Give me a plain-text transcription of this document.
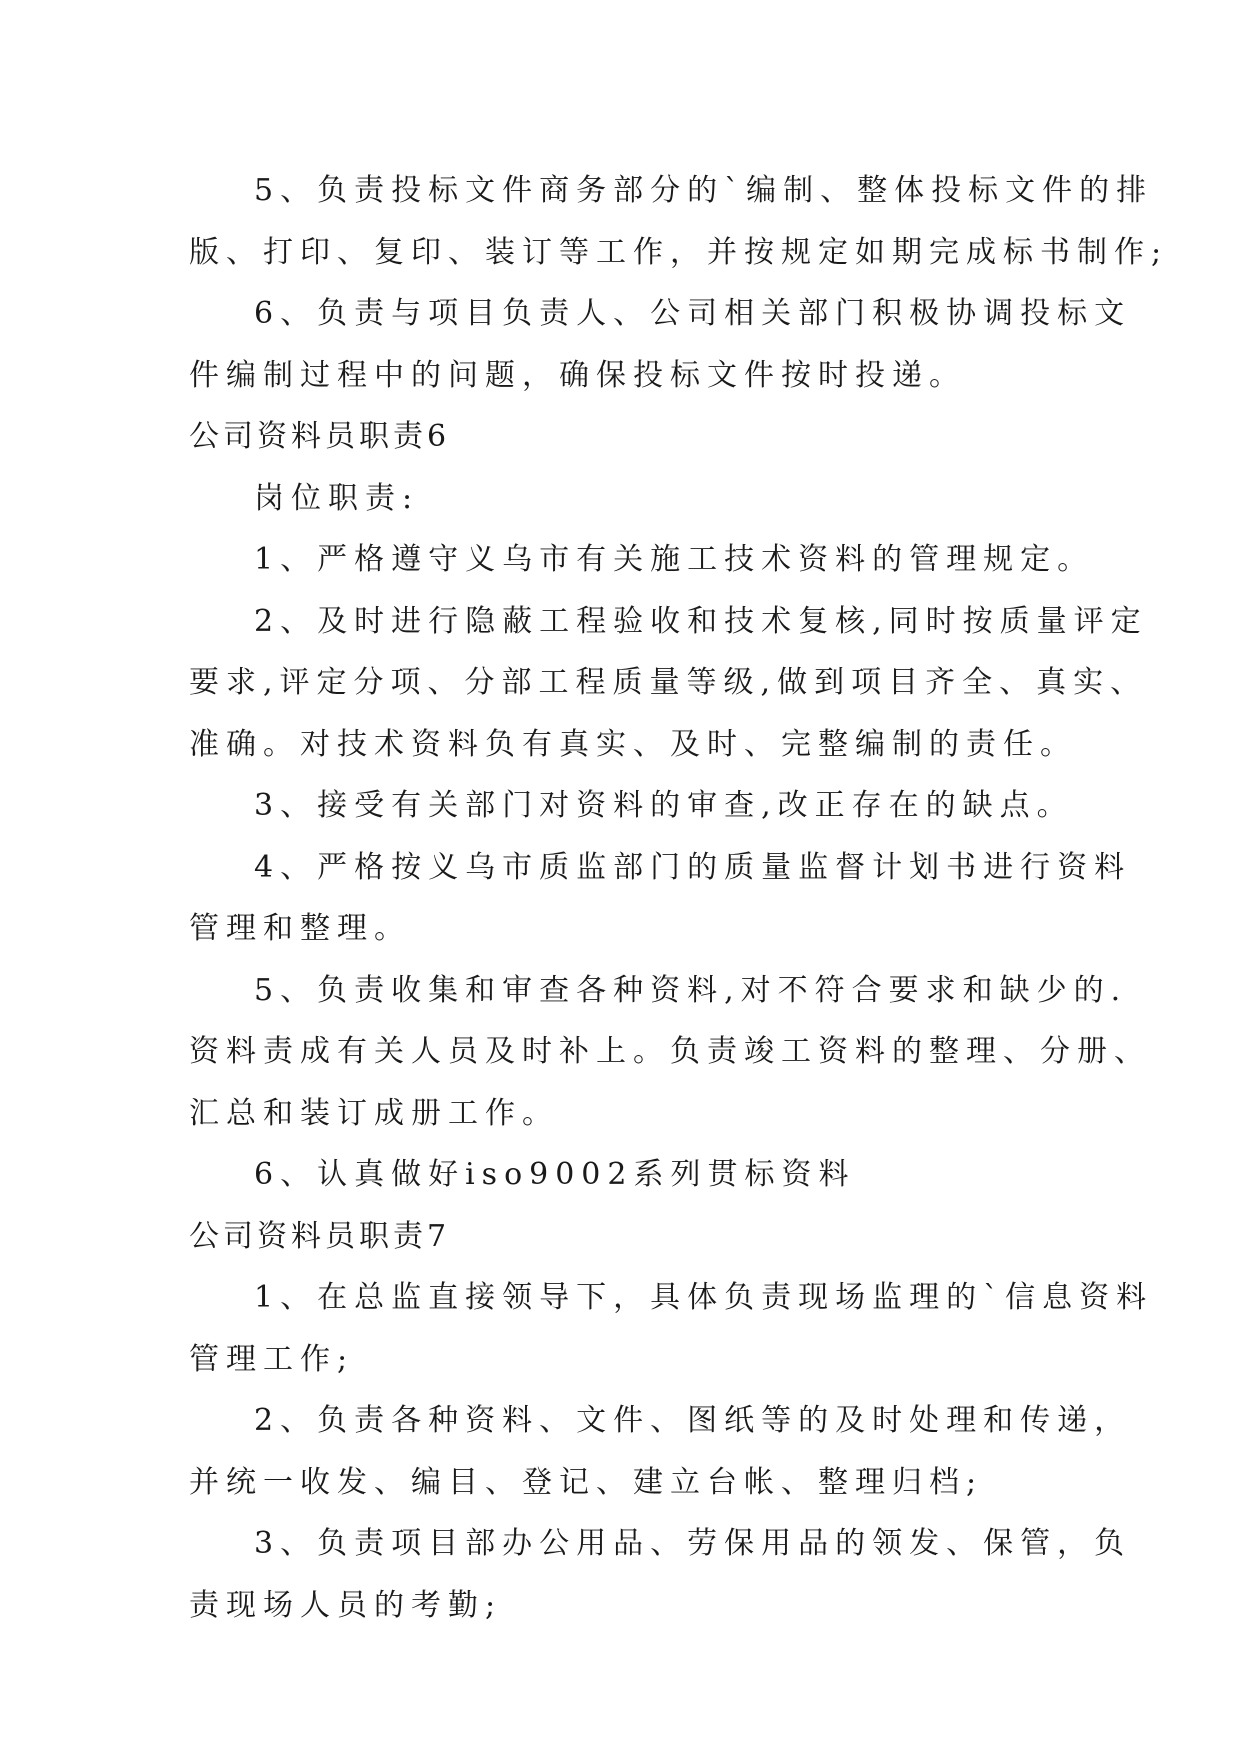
5、负责投标文件商务部分的`编制、整体投标文件的排
版、打印、复印、装订等工作，并按规定如期完成标书制作;
6、负责与项目负责人、公司相关部门积极协调投标文
件编制过程中的问题，确保投标文件按时投递。
公司资料员职责6
岗位职责:
1、严格遵守义乌市有关施工技术资料的管理规定。
2、及时进行隐蔽工程验收和技术复核,同时按质量评定
要求,评定分项、分部工程质量等级,做到项目齐全、真实、
准确。对技术资料负有真实、及时、完整编制的责任。
3、接受有关部门对资料的审查,改正存在的缺点。
4、严格按义乌市质监部门的质量监督计划书进行资料
管理和整理。
5、负责收集和审查各种资料,对不符合要求和缺少的.
资料责成有关人员及时补上。负责竣工资料的整理、分册、
汇总和装订成册工作。
6、认真做好iso9002系列贯标资料
公司资料员职责7
1、在总监直接领导下，具体负责现场监理的`信息资料
管理工作;
2、负责各种资料、文件、图纸等的及时处理和传递，
并统一收发、编目、登记、建立台帐、整理归档;
3、负责项目部办公用品、劳保用品的领发、保管，负
责现场人员的考勤;
